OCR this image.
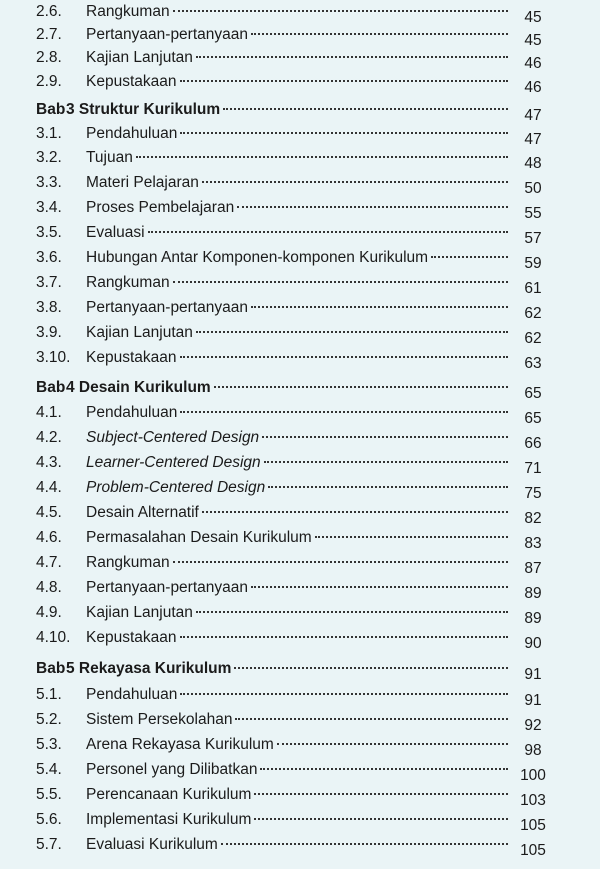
2.6. Rangkuman	45
2.7. Pertanyaan-pertanyaan	45
2.8. Kajian Lanjutan	46
2.9. Kepustakaan	46
Bab 3 Struktur Kurikulum	47
3.1. Pendahuluan	47
3.2. Tujuan	48
3.3. Materi Pelajaran	50
3.4. Proses Pembelajaran	55
3.5. Evaluasi	57
3.6. Hubungan Antar Komponen-komponen Kurikulum	59
3.7. Rangkuman	61
3.8. Pertanyaan-pertanyaan	62
3.9. Kajian Lanjutan	62
3.10. Kepustakaan	63
Bab 4 Desain Kurikulum	65
4.1. Pendahuluan	65
4.2. Subject-Centered Design	66
4.3. Learner-Centered Design	71
4.4. Problem-Centered Design	75
4.5. Desain Alternatif	82
4.6. Permasalahan Desain Kurikulum	83
4.7. Rangkuman	87
4.8. Pertanyaan-pertanyaan	89
4.9. Kajian Lanjutan	89
4.10. Kepustakaan	90
Bab 5 Rekayasa Kurikulum	91
5.1. Pendahuluan	91
5.2. Sistem Persekolahan	92
5.3. Arena Rekayasa Kurikulum	98
5.4. Personel yang Dilibatkan	100
5.5. Perencanaan Kurikulum	103
5.6. Implementasi Kurikulum	105
5.7. Evaluasi Kurikulum	105
